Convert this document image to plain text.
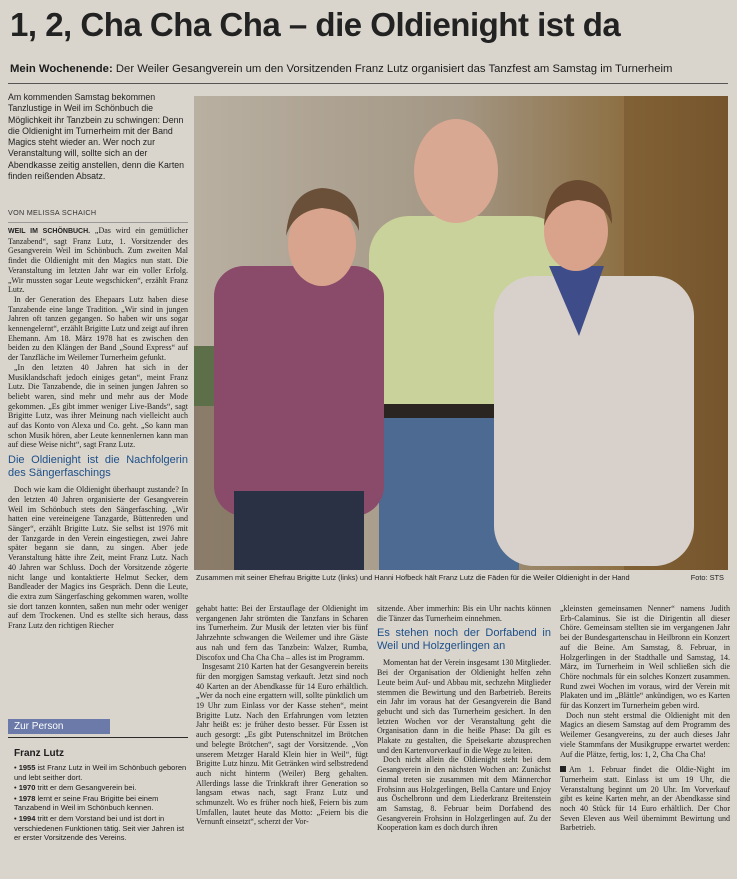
1, 2, Cha Cha Cha – die Oldienight ist da
Mein Wochenende: Der Weiler Gesangverein um den Vorsitzenden Franz Lutz organisiert das Tanzfest am Samstag im Turnerheim
Am kommenden Samstag bekommen Tanzlustige in Weil im Schönbuch die Möglichkeit ihr Tanzbein zu schwingen: Denn die Oldienight im Turnerheim mit der Band Magics steht wieder an. Wer noch zur Veranstaltung will, sollte sich an der Abendkasse zeitig anstellen, denn die Karten finden reißenden Absatz.
VON MELISSA SCHAICH

WEIL IM SCHÖNBUCH. „Das wird ein gemütlicher Tanzabend“, sagt Franz Lutz, 1. Vorsitzender des Gesangverein Weil im Schönbuch. Zum zweiten Mal findet die Oldienight mit den Magics nun statt. Die Veranstaltung im letzten Jahr war ein voller Erfolg. „Wir mussten sogar Leute wegschicken“, erzählt Franz Lutz.

In der Generation des Ehepaars Lutz haben diese Tanzabende eine lange Tradition. „Wir sind in jungen Jahren oft tanzen gegangen. So haben wir uns sogar kennengelernt“, erzählt Brigitte Lutz und zeigt auf ihren Ehemann. Am 18. März 1978 hat es zwischen den beiden zu den Klängen der Band „Sound Express“ auf der Tanzfläche im Weilemer Turnerheim gefunkt.

„In den letzten 40 Jahren hat sich in der Musiklandschaft jedoch einiges getan“, meint Franz Lutz. Die Tanzabende, die in seinen jungen Jahren so beliebt waren, sind mehr und mehr aus der Mode gekommen. „Es gibt immer weniger Live-Bands“, sagt Brigitte Lutz, was ihrer Meinung nach vielleicht auch auf das Konto von Alexa und Co. geht. „So kann man schon Musik hören, aber Leute kennenlernen kann man auf diese Weise nicht“, sagt Franz Lutz.

Die Oldienight ist die Nachfolgerin des Sängerfaschings

Doch wie kam die Oldienight überhaupt zustande? In den letzten 40 Jahren organisierte der Gesangverein Weil im Schönbuch stets den Sängerfasching. „Wir hatten eine vereineigene Tanzgarde, Büttenreden und Sänger“, erzählt Brigitte Lutz. Sie selbst ist 1976 mit der Tanzgarde in den Verein eingestiegen, zwei Jahre später begann sie dann, zu singen. Aber jede Veranstaltung hätte ihre Zeit, meint Franz Lutz. Nach 40 Jahren war Schluss. Doch der Vorsitzende zögerte nicht lange und kontaktierte Helmut Secker, dem Bandleader der Magics ins Gespräch. Denn die Leute, die extra zum Sängerfasching gekommen waren, wollte sie dort tanzen konnten, saßen nun mehr oder weniger auf dem Trockenen. Und es stellte sich heraus, dass Franz Lutz den richtigen Riecher

Zusammen mit seiner Ehefrau Brigitte Lutz (links) und Hanni Hofbeck hält Franz Lutz die Fäden für die Weiler Oldienight in der Hand	Foto: STS

gehabt hatte: Bei der Erstauflage der Oldienight im vergangenen Jahr strömten die Tanzfans in Scharen ins Turnerheim. Zur Musik der letzten vier bis fünf Jahrzehnte schwangen die Weilemer und ihre Gäste aus nah und fern das Tanzbein: Walzer, Rumba, Discofox und Cha Cha Cha – alles ist im Programm.

Insgesamt 210 Karten hat der Gesangverein bereits für den morgigen Samstag verkauft. Jetzt sind noch 40 Karten an der Abendkasse für 14 Euro erhältlich. „Wer da noch eine ergattern will, sollte pünktlich um 19 Uhr zum Einlass vor der Kasse stehen“, meint Brigitte Lutz. Nach den Erfahrungen vom letzten Jahr heißt es: je früher desto besser. Für Essen ist auch gesorgt: „Es gibt Putenschnitzel im Brötchen und belegte Brötchen“, sagt der Vorsitzende. „Von unserem Metzger Harald Klein hier in Weil“, fügt Brigitte Lutz hinzu. Mit Getränken wird selbstredend auch nicht hinterm (Weiler) Berg gehalten. Allerdings lasse die Trinkkraft ihrer Generation so langsam etwas nach, sagt Franz Lutz und schmunzelt. Wo es früher noch hieß, Feiern bis zum Umfallen, lautet heute das Motto: „Feiern bis die Vernunft einsetzt“, scherzt der Vor-

sitzende. Aber immerhin: Bis ein Uhr nachts können die Tänzer das Turnerheim einnehmen.

Es stehen noch der Dorfabend in Weil und Holzgerlingen an

Momentan hat der Verein insgesamt 130 Mitglieder. Bei der Organisation der Oldienight helfen zehn Leute beim Auf- und Abbau mit, sechzehn Mitglieder stemmen die Bewirtung und den Barbetrieb. Bereits ein Jahr im voraus hat der Gesangverein die Band gebucht und sich das Turnerheim gesichert. In den letzten Wochen vor der Veranstaltung geht die Organisation dann in die heiße Phase: Da gilt es Plakate zu gestalten, die Speisekarte abzusprechen und den Kartenvorverkauf in die Wege zu leiten.

Doch nicht allein die Oldienight steht bei dem Gesangverein in den nächsten Wochen an: Zunächst einmal treten sie zusammen mit dem Männerchor Frohsinn aus Holzgerlingen, Bella Cantare und Enjoy aus Öschelbronn und dem Liederkranz Breitenstein am Samstag, 8. Februar beim Dorfabend des Gesangverein Frohsinn in Holzgerlingen auf. Zu der Kooperation kam es doch durch ihren

„kleinsten gemeinsamen Nenner“ namens Judith Erb-Calaminus. Sie ist die Dirigentin all dieser Chöre. Gemeinsam stellten sie im vergangenen Jahr bei der Bundesgartenschau in Heilbronn ein Konzert auf die Beine. Am Samstag, 8. Februar, in Holzgerlingen in der Stadthalle und Samstag, 14. März, im Turnerheim in Weil schließen sich die Chöre nochmals für ein solches Konzert zusammen. Rund zwei Wochen im voraus, wird der Verein mit Plakaten und im „Blättle“ ankündigen, wo es Karten für das Konzert im Turnerheim geben wird.

Doch nun steht erstmal die Oldienight mit den Magics an diesem Samstag auf dem Programm des Weilemer Gesangvereins, zu der auch dieses Jahr viele Stammfans der Musikgruppe erwartet werden: Auf die Plätze, fertig, los: 1, 2, Cha Cha Cha!

Am 1. Februar findet die Oldie-Night im Turnerheim statt. Einlass ist um 19 Uhr, die Veranstaltung beginnt um 20 Uhr. Im Vorverkauf gibt es keine Karten mehr, an der Abendkasse sind noch 40 Stück für 14 Euro erhältlich. Der Chor Seven Eleven aus Weil übernimmt Bewirtung und Barbetrieb.

Zur Person
Franz Lutz
• 1955 ist Franz Lutz in Weil im Schönbuch geboren und lebt seither dort.
• 1970 tritt er dem Gesangverein bei.
• 1978 lernt er seine Frau Brigitte bei einem Tanzabend in Weil im Schönbuch kennen.
• 1994 tritt er dem Vorstand bei und ist dort in verschiedenen Funktionen tätig. Seit vier Jahren ist er erster Vorsitzende des Vereins.
